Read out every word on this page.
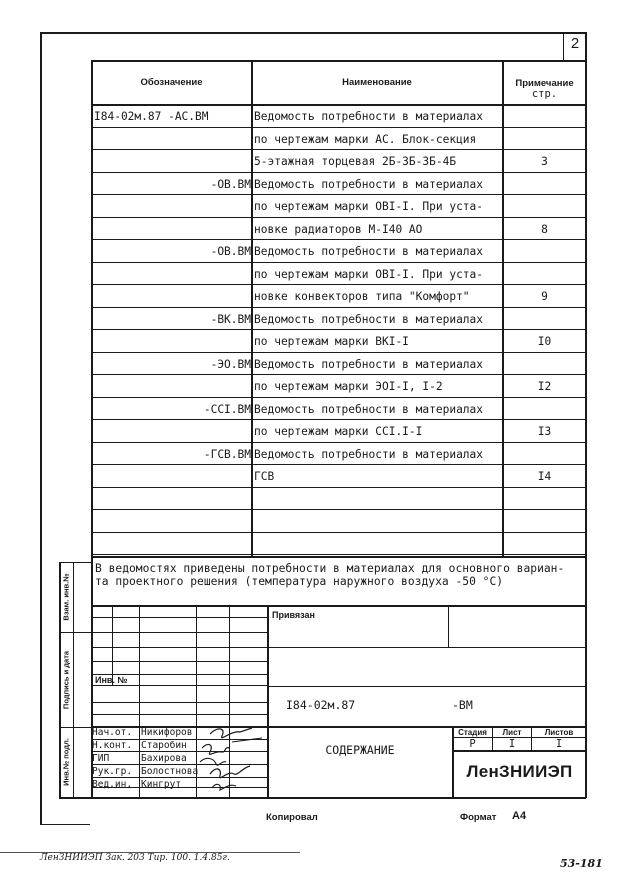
2
Обозначение	Наименование	Примечание
стр.
I84-02м.87 -АС.ВМ	Ведомость потребности в материалах
по чертежам марки АС. Блок-секция
5-этажная торцевая 2Б-3Б-3Б-4Б	3
-ОВ.ВМ Ведомость потребности в материалах
по чертежам марки ОВI-I. При уста-
новке радиаторов М-I40 АО	8
-ОВ.ВМ Ведомость потребности в материалах
по чертежам марки ОВI-I. При уста-
новке конвекторов типа "Комфорт"	9
-ВК.ВМ Ведомость потребности в материалах
по чертежам марки ВКI-I	I0
-ЭО.ВМ Ведомость потребности в материалах
по чертежам марки ЭОI-I, I-2	I2
-ССI.ВМ Ведомость потребности в материалах
по чертежам марки ССI.I-I	I3
-ГСВ.ВМ Ведомость потребности в материалах
ГСВ	I4
В ведомостях приведены потребности в материалах для основного вариан-
та проектного решения (температура наружного воздуха -50 °С)
Взам. инв.№
Подпись и дата
Инв.№ подл.
Привязан
Инв. №
I84-02м.87	-ВМ
СОДЕРЖАНИЕ
Стадия	Лист	Листов
Р	I	I
ЛенЗНИИЭП
Нач.от. Никифоров
Н.конт. Старобин
ГИП	Бахирова
Рук.гр. Болостнова
Вед.ин. Кингрут
Копировал	Формат А4
ЛенЗНИИЭП Зак. 203 Тир. 100. 1.4.85г.	53-181
